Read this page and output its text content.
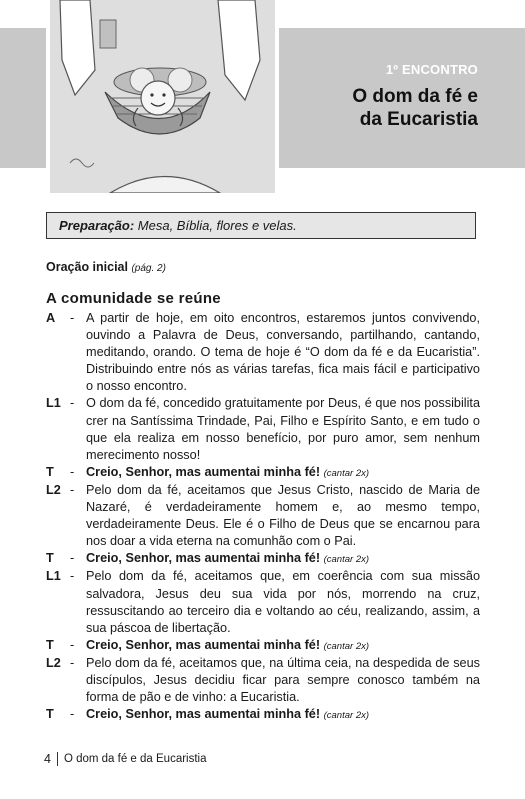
1º ENCONTRO
O dom da fé e
da Eucaristia
Preparação: Mesa, Bíblia, flores e velas.
Oração inicial (pág. 2)
A comunidade se reúne
A	- A partir de hoje, em oito encontros, estaremos juntos convivendo, ouvindo a Palavra de Deus, conversando, partilhando, cantando, meditando, orando. O tema de hoje é “O dom da fé e da Eucaristia”. Distribuindo entre nós as várias tarefas, fica mais fácil e participativo o nosso encontro.
L1 - O dom da fé, concedido gratuitamente por Deus, é que nos possibilita crer na Santíssima Trindade, Pai, Filho e Espírito Santo, e em tudo o que ela realiza em nosso benefício, por puro amor, sem nenhum merecimento nosso!
T	- Creio, Senhor, mas aumentai minha fé! (cantar 2x)
L2 - Pelo dom da fé, aceitamos que Jesus Cristo, nascido de Maria de Nazaré, é verdadeiramente homem e, ao mesmo tempo, verdadeiramente Deus. Ele é o Filho de Deus que se encarnou para nos doar a vida eterna na comunhão com o Pai.
T	- Creio, Senhor, mas aumentai minha fé! (cantar 2x)
L1 - Pelo dom da fé, aceitamos que, em coerência com sua missão salvadora, Jesus deu sua vida por nós, morrendo na cruz, ressuscitando ao terceiro dia e voltando ao céu, realizando, assim, a sua páscoa de libertação.
T	- Creio, Senhor, mas aumentai minha fé! (cantar 2x)
L2 - Pelo dom da fé, aceitamos que, na última ceia, na despedida de seus discípulos, Jesus decidiu ficar para sempre conosco também na forma de pão e de vinho: a Eucaristia.
T	- Creio, Senhor, mas aumentai minha fé! (cantar 2x)
4 O dom da fé e da Eucaristia
